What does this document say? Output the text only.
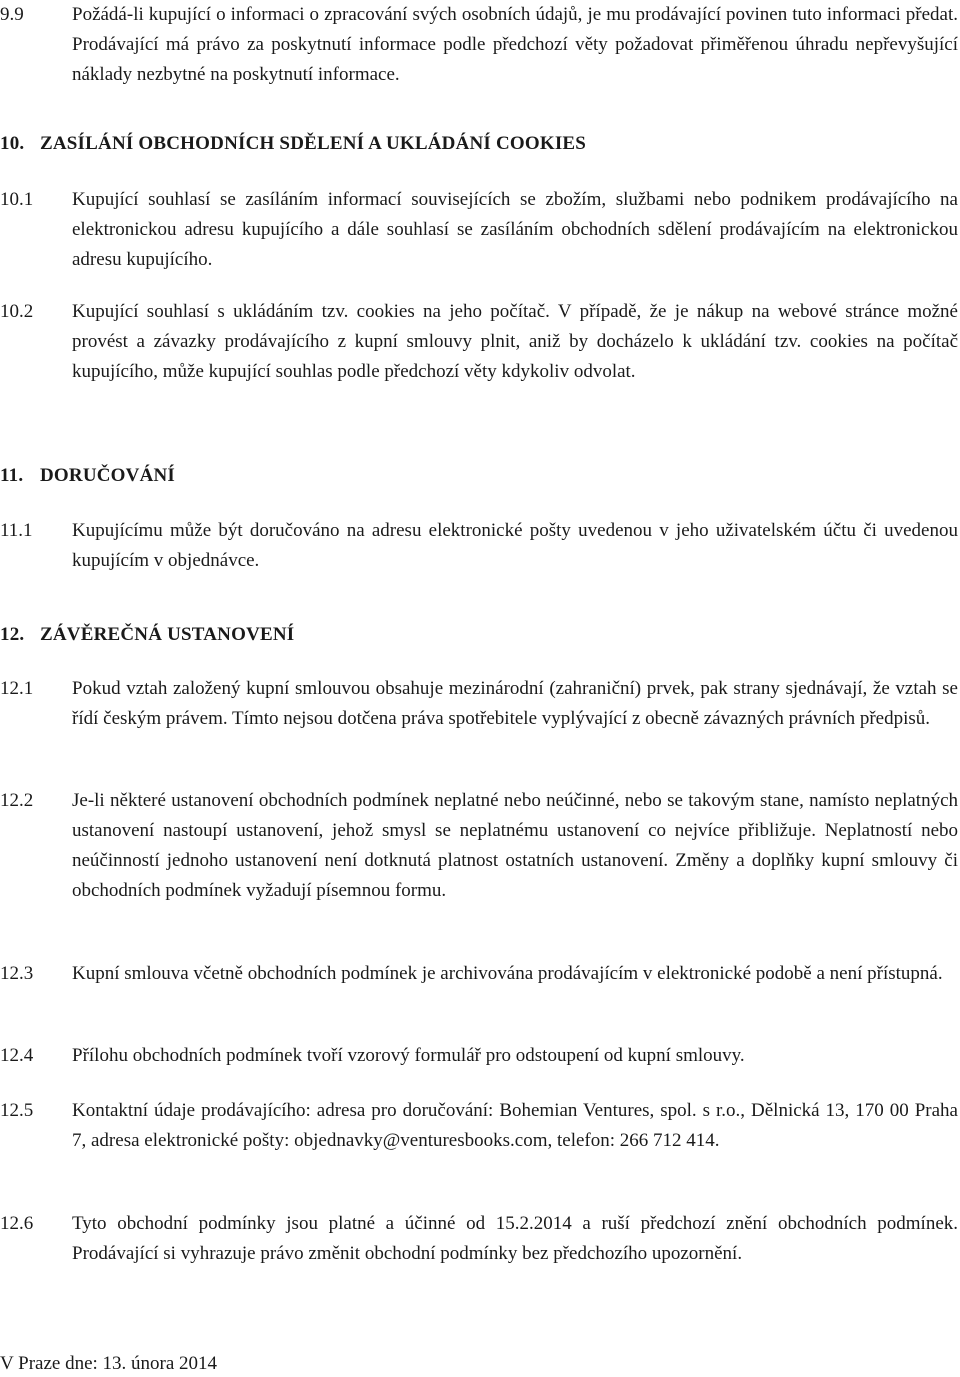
9.9	Požádá-li kupující o informaci o zpracování svých osobních údajů, je mu prodávající povinen tuto informaci předat. Prodávající má právo za poskytnutí informace podle předchozí věty požadovat přiměřenou úhradu nepřevyšující náklady nezbytné na poskytnutí informace.
10. ZASÍLÁNÍ OBCHODNÍCH SDĚLENÍ A UKLÁDÁNÍ COOKIES
10.1	Kupující souhlasí se zasíláním informací souvisejících se zbožím, službami nebo podnikem prodávajícího na elektronickou adresu kupujícího a dále souhlasí se zasíláním obchodních sdělení prodávajícím na elektronickou adresu kupujícího.
10.2	Kupující souhlasí s ukládáním tzv. cookies na jeho počítač. V případě, že je nákup na webové stránce možné provést a závazky prodávajícího z kupní smlouvy plnit, aniž by docházelo k ukládání tzv. cookies na počítač kupujícího, může kupující souhlas podle předchozí věty kdykoliv odvolat.
11. DORUČOVÁNÍ
11.1	Kupujícímu může být doručováno na adresu elektronické pošty uvedenou v jeho uživatelském účtu či uvedenou kupujícím v objednávce.
12. ZÁVĚREČNÁ USTANOVENÍ
12.1	Pokud vztah založený kupní smlouvou obsahuje mezinárodní (zahraniční) prvek, pak strany sjednávají, že vztah se řídí českým právem. Tímto nejsou dotčena práva spotřebitele vyplývající z obecně závazných právních předpisů.
12.2	Je-li některé ustanovení obchodních podmínek neplatné nebo neúčinné, nebo se takovým stane, namísto neplatných ustanovení nastoupí ustanovení, jehož smysl se neplatnému ustanovení co nejvíce přibližuje. Neplatností nebo neúčinností jednoho ustanovení není dotknutá platnost ostatních ustanovení. Změny a doplňky kupní smlouvy či obchodních podmínek vyžadují písemnou formu.
12.3	Kupní smlouva včetně obchodních podmínek je archivována prodávajícím v elektronické podobě a není přístupná.
12.4	Přílohu obchodních podmínek tvoří vzorový formulář pro odstoupení od kupní smlouvy.
12.5	Kontaktní údaje prodávajícího: adresa pro doručování: Bohemian Ventures, spol. s r.o., Dělnická 13, 170 00 Praha 7, adresa elektronické pošty: objednavky@venturesbooks.com, telefon: 266 712 414.
12.6	Tyto obchodní podmínky jsou platné a účinné od 15.2.2014 a ruší předchozí znění obchodních podmínek. Prodávající si vyhrazuje právo změnit obchodní podmínky bez předchozího upozornění.
V Praze dne: 13. února 2014
